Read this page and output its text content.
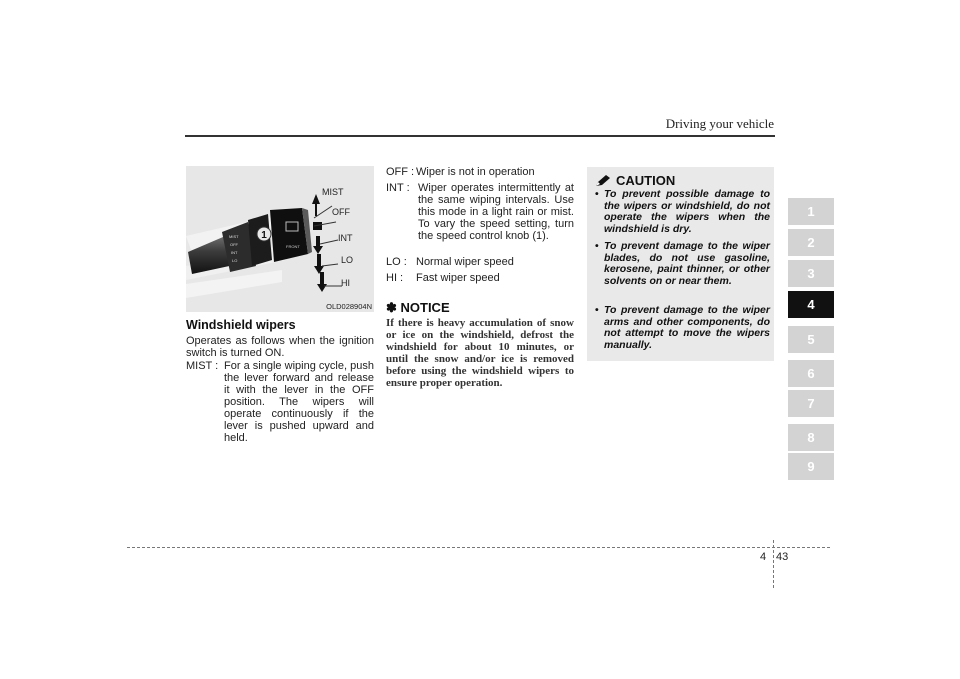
Driving your vehicle
1
2
3
4
5
6
7
8
9
MIST
OFF
INT
LO
1
FRONT
MIST
OFF
INT
LO
HI
OLD028904N
Windshield wipers
Operates as follows when the ignition switch is turned ON.
MIST : For a single wiping cycle, push the lever forward and release it with the lever in the OFF position. The wipers will operate continuously if the lever is pushed upward and held.
OFF : Wiper is not in operation
INT : Wiper operates intermittently at the same wiping intervals. Use this mode in a light rain or mist. To vary the speed setting, turn the speed control knob (1).
LO : Normal wiper speed
HI : Fast wiper speed
✽ NOTICE
If there is heavy accumulation of snow or ice on the windshield, defrost the windshield for about 10 minutes, or until the snow and/or ice is removed before using the windshield wipers to ensure proper operation.
CAUTION
• To prevent possible damage to the wipers or windshield, do not operate the wipers when the windshield is dry.
• To prevent damage to the wiper blades, do not use gasoline, kerosene, paint thinner, or other solvents on or near them.
• To prevent damage to the wiper arms and other components, do not attempt to move the wipers manually.
4 43
